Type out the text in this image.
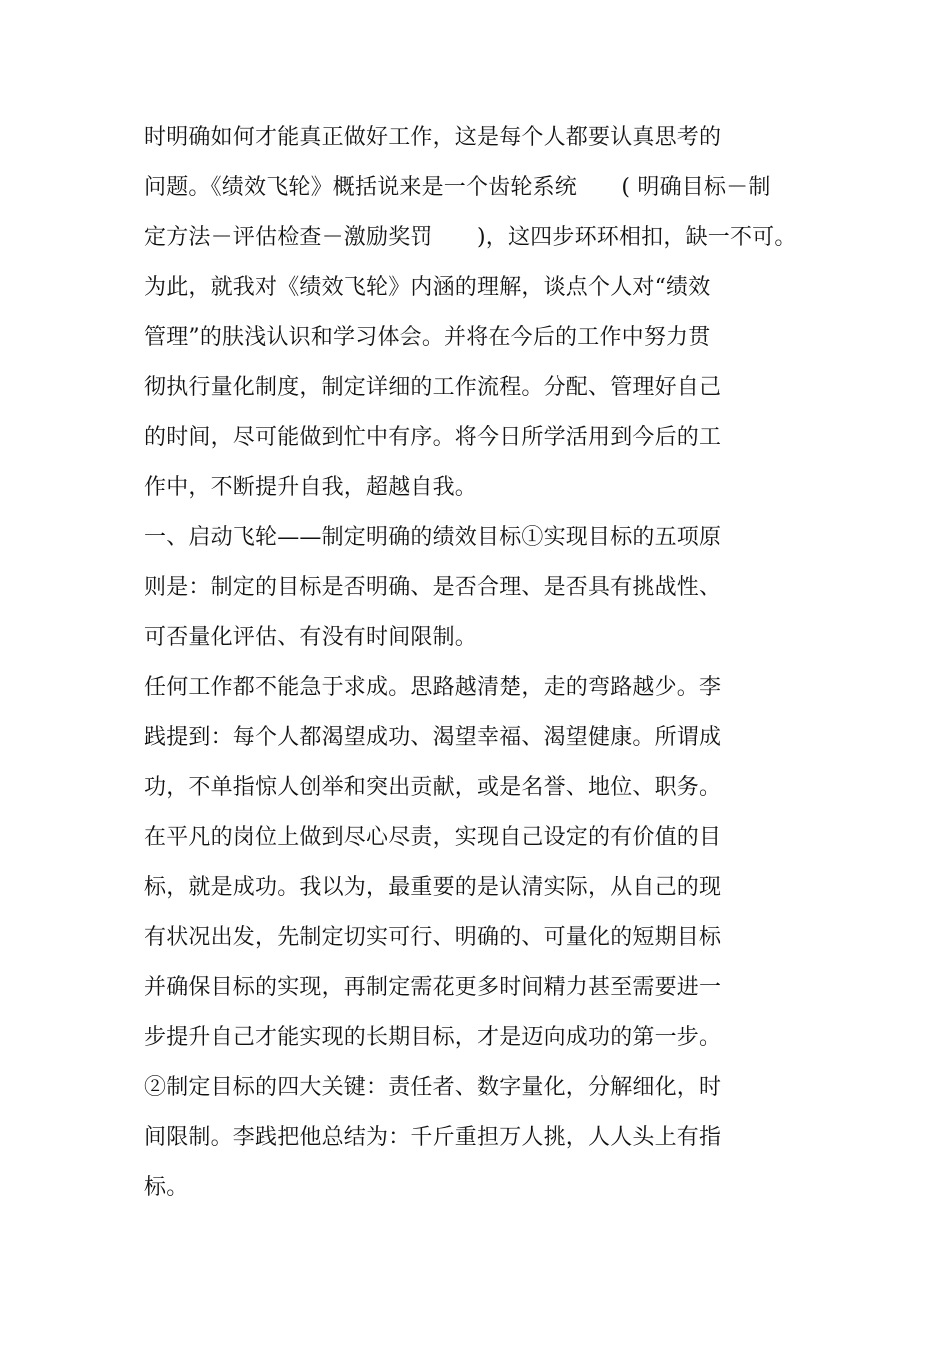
时明确如何才能真正做好工作，这是每个人都要认真思考的
问题。《绩效飞轮》概括说来是一个齿轮系统　　( 明确目标－制
定方法－评估检查－激励奖罚　　)，这四步环环相扣，缺一不可。
为此，就我对《绩效飞轮》内涵的理解，谈点个人对“绩效
管理”的肤浅认识和学习体会。并将在今后的工作中努力贯
彻执行量化制度，制定详细的工作流程。分配、管理好自己
的时间，尽可能做到忙中有序。将今日所学活用到今后的工
作中，不断提升自我，超越自我。
一、启动飞轮——制定明确的绩效目标①实现目标的五项原
则是：制定的目标是否明确、是否合理、是否具有挑战性、
可否量化评估、有没有时间限制。
任何工作都不能急于求成。思路越清楚，走的弯路越少。李
践提到：每个人都渴望成功、渴望幸福、渴望健康。所谓成
功，不单指惊人创举和突出贡献，或是名誉、地位、职务。
在平凡的岗位上做到尽心尽责，实现自己设定的有价值的目
标，就是成功。我以为，最重要的是认清实际，从自己的现
有状况出发，先制定切实可行、明确的、可量化的短期目标
并确保目标的实现，再制定需花更多时间精力甚至需要进一
步提升自己才能实现的长期目标，才是迈向成功的第一步。
②制定目标的四大关键：责任者、数字量化，分解细化，时
间限制。李践把他总结为：千斤重担万人挑，人人头上有指
标。
